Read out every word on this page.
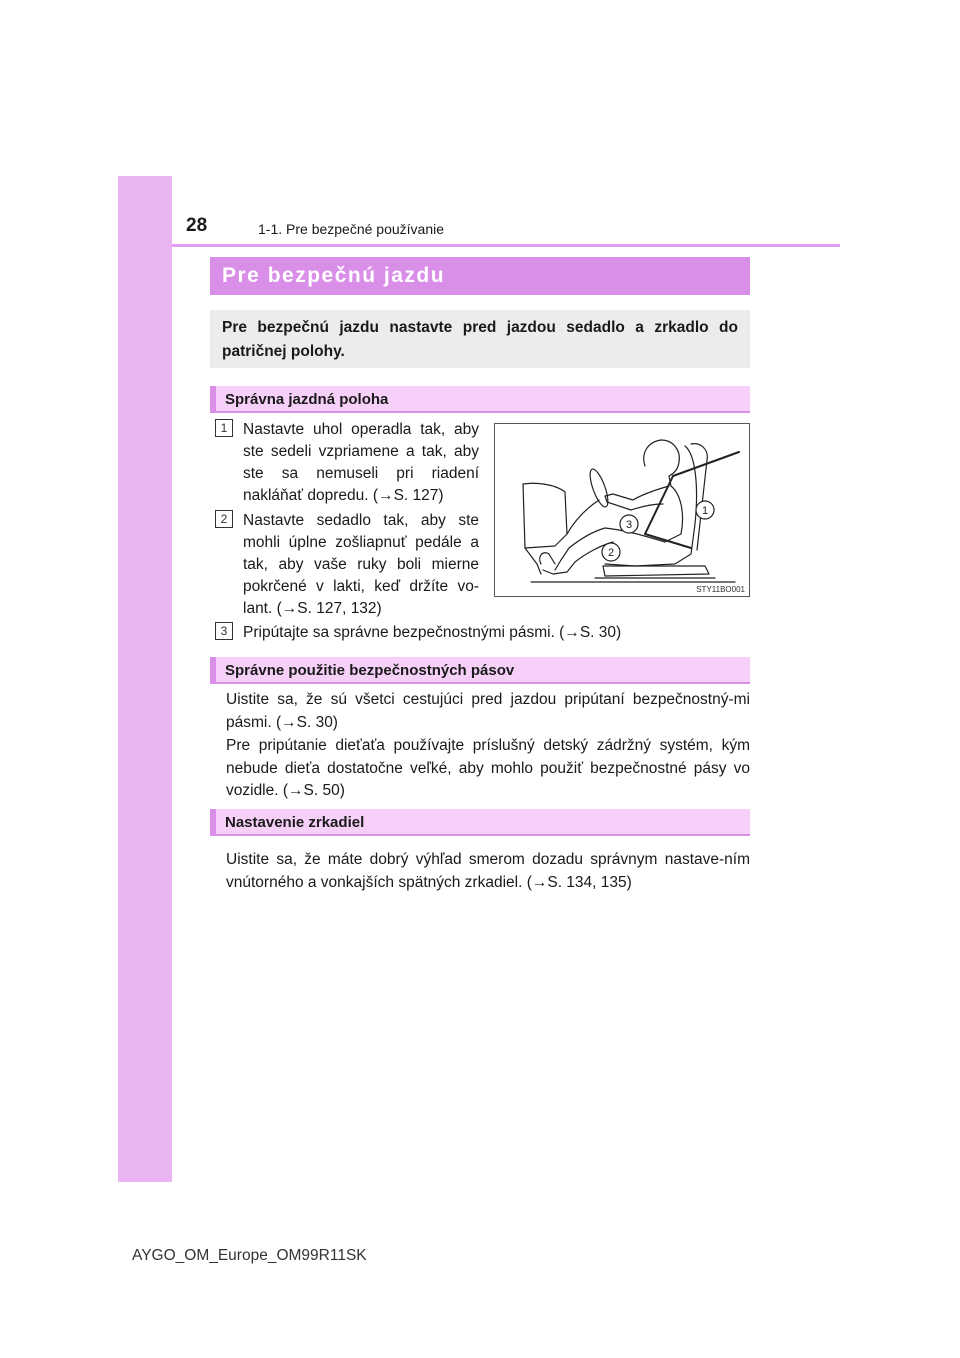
28	1-1. Pre bezpečné používanie
Pre bezpečnú jazdu
Pre bezpečnú jazdu nastavte pred jazdou sedadlo a zrkadlo do patričnej polohy.
Správna jazdná poloha
1	Nastavte uhol operadla tak, aby ste sedeli vzpriamene a tak, aby ste sa nemuseli pri riadení nakláňať dopredu. (→S. 127)
2	Nastavte sedadlo tak, aby ste mohli úplne zošliapnuť pedále a tak, aby vaše ruky boli mierne pokrčené v lakti, keď držíte vo-lant. (→S. 127, 132)
3	Pripútajte sa správne bezpečnostnými pásmi. (→S. 30)
1
2
3
STY11BO001
Správne použitie bezpečnostných pásov
Uistite sa, že sú všetci cestujúci pred jazdou pripútaní bezpečnostný-mi pásmi. (→S. 30)
Pre pripútanie dieťaťa používajte príslušný detský zádržný systém, kým nebude dieťa dostatočne veľké, aby mohlo použiť bezpečnostné pásy vo vozidle. (→S. 50)
Nastavenie zrkadiel
Uistite sa, že máte dobrý výhľad smerom dozadu správnym nastave-ním vnútorného a vonkajších spätných zrkadiel. (→S. 134, 135)
AYGO_OM_Europe_OM99R11SK
